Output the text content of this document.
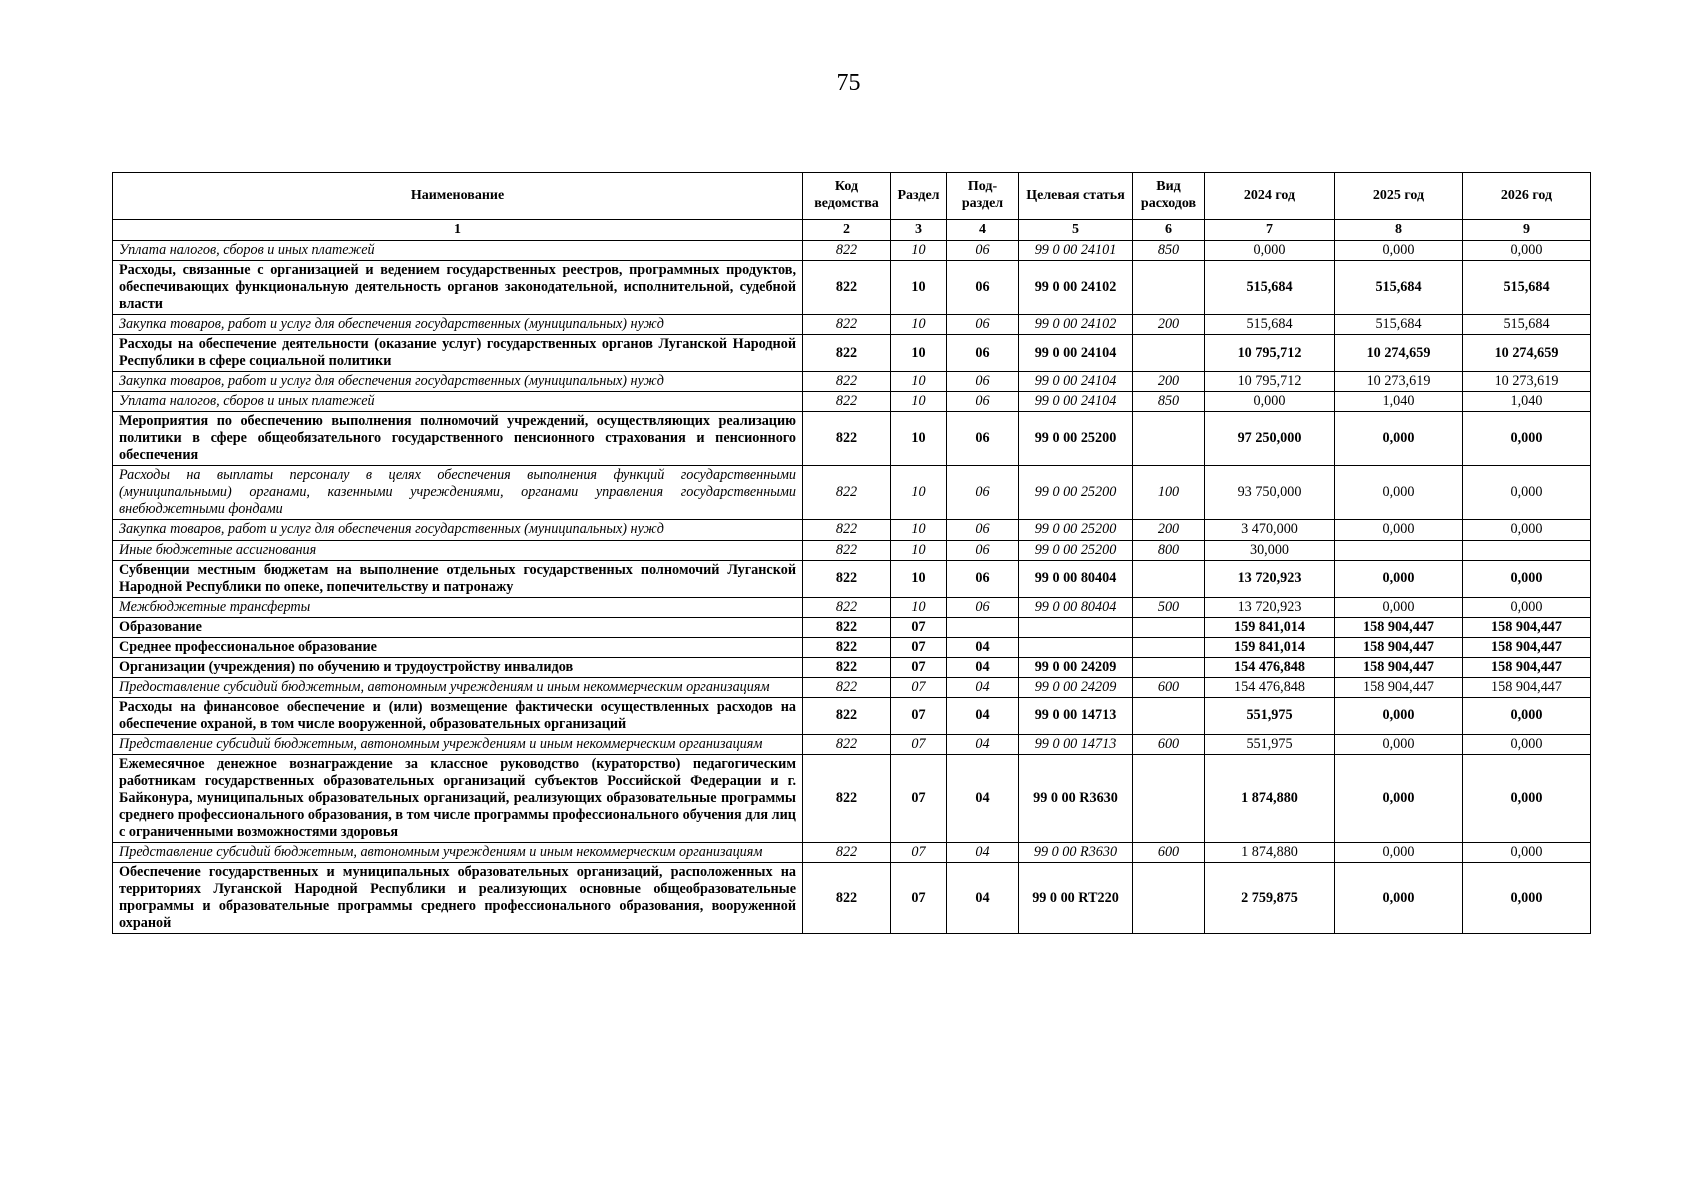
75
Наименование	Код ведомства	Раздел	Под-раздел	Целевая статья	Вид расходов	2024 год	2025 год	2026 год
1	2	3	4	5	6	7	8	9
Уплата налогов, сборов и иных платежей	822	10	06	99 0 00 24101	850	0,000	0,000	0,000
Расходы, связанные с организацией и ведением государственных реестров, программных продуктов, обеспечивающих функциональную деятельность органов законодательной, исполнительной, судебной власти	822	10	06	99 0 00 24102		515,684	515,684	515,684
Закупка товаров, работ и услуг для обеспечения государственных (муниципальных) нужд	822	10	06	99 0 00 24102	200	515,684	515,684	515,684
Расходы на обеспечение деятельности (оказание услуг) государственных органов Луганской Народной Республики в сфере социальной политики	822	10	06	99 0 00 24104		10 795,712	10 274,659	10 274,659
Закупка товаров, работ и услуг для обеспечения государственных (муниципальных) нужд	822	10	06	99 0 00 24104	200	10 795,712	10 273,619	10 273,619
Уплата налогов, сборов и иных платежей	822	10	06	99 0 00 24104	850	0,000	1,040	1,040
Мероприятия по обеспечению выполнения полномочий учреждений, осуществляющих реализацию политики в сфере общеобязательного государственного пенсионного страхования и пенсионного обеспечения	822	10	06	99 0 00 25200		97 250,000	0,000	0,000
Расходы на выплаты персоналу в целях обеспечения выполнения функций государственными (муниципальными) органами, казенными учреждениями, органами управления государственными внебюджетными фондами	822	10	06	99 0 00 25200	100	93 750,000	0,000	0,000
Закупка товаров, работ и услуг для обеспечения государственных (муниципальных) нужд	822	10	06	99 0 00 25200	200	3 470,000	0,000	0,000
Иные бюджетные ассигнования	822	10	06	99 0 00 25200	800	30,000		
Субвенции местным бюджетам на выполнение отдельных государственных полномочий Луганской Народной Республики по опеке, попечительству и патронажу	822	10	06	99 0 00 80404		13 720,923	0,000	0,000
Межбюджетные трансферты	822	10	06	99 0 00 80404	500	13 720,923	0,000	0,000
Образование	822	07				159 841,014	158 904,447	158 904,447
Среднее профессиональное образование	822	07	04			159 841,014	158 904,447	158 904,447
Организации (учреждения) по обучению и трудоустройству инвалидов	822	07	04	99 0 00 24209		154 476,848	158 904,447	158 904,447
Предоставление субсидий бюджетным, автономным учреждениям и иным некоммерческим организациям	822	07	04	99 0 00 24209	600	154 476,848	158 904,447	158 904,447
Расходы на финансовое обеспечение и (или) возмещение фактически осуществленных расходов на обеспечение охраной, в том числе вооруженной, образовательных организаций	822	07	04	99 0 00 14713		551,975	0,000	0,000
Представление субсидий бюджетным, автономным учреждениям и иным некоммерческим организациям	822	07	04	99 0 00 14713	600	551,975	0,000	0,000
Ежемесячное денежное вознаграждение за классное руководство (кураторство) педагогическим работникам государственных образовательных организаций субъектов Российской Федерации и г. Байконура, муниципальных образовательных организаций, реализующих образовательные программы среднего профессионального образования, в том числе программы профессионального обучения для лиц с ограниченными возможностями здоровья	822	07	04	99 0 00 R3630		1 874,880	0,000	0,000
Представление субсидий бюджетным, автономным учреждениям и иным некоммерческим организациям	822	07	04	99 0 00 R3630	600	1 874,880	0,000	0,000
Обеспечение государственных и муниципальных образовательных организаций, расположенных на территориях Луганской Народной Республики и реализующих основные общеобразовательные программы и образовательные программы среднего профессионального образования, вооруженной охраной	822	07	04	99 0 00 RT220		2 759,875	0,000	0,000
